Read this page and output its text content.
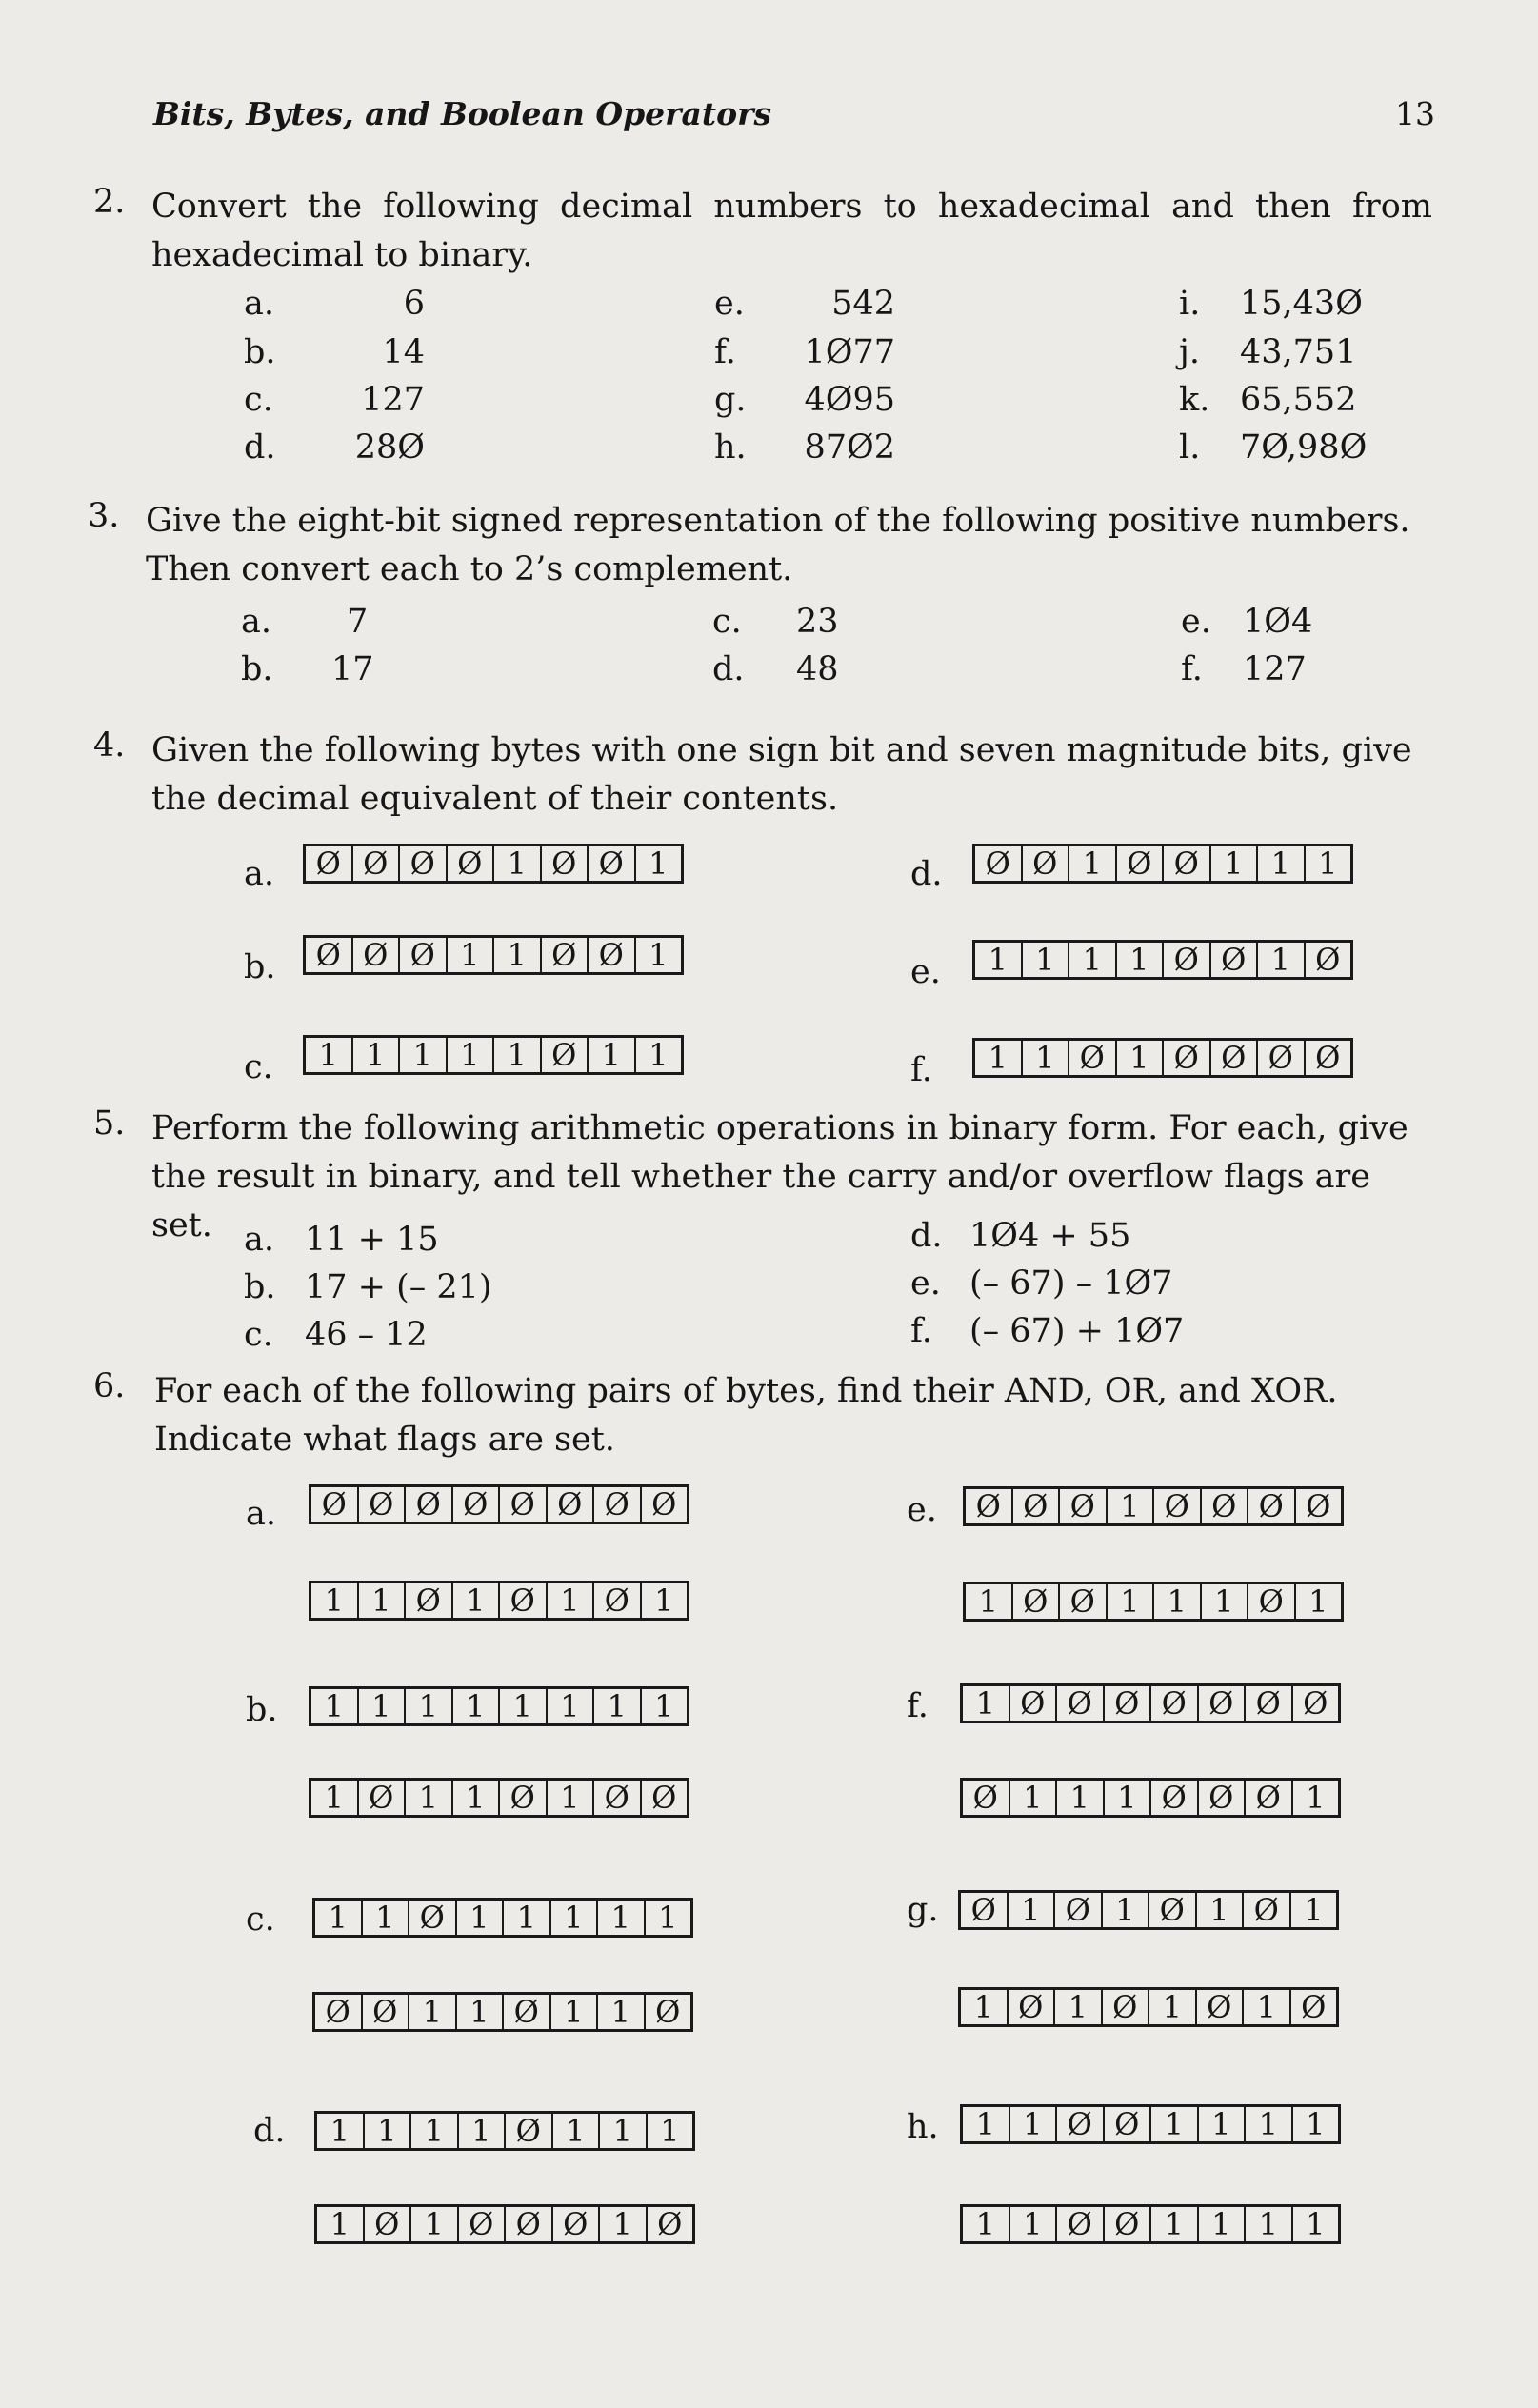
Bits, Bytes, and Boolean Operators	13
2. Convert the following decimal numbers to hexadecimal and then from hexadecimal to binary.
a.	6
b.	14
c.	127
d.	28Ø
e.	542
f.	1Ø77
g.	4Ø95
h.	87Ø2
i. 15,43Ø
j. 43,751
k. 65,552
l. 7Ø,98Ø
3. Give the eight-bit signed representation of the following positive numbers. Then convert each to 2’s complement.
a. 7
b. 17
c. 23
d. 48
e. 1Ø4
f. 127
4. Given the following bytes with one sign bit and seven magnitude bits, give the decimal equivalent of their contents.
a.	Ø Ø Ø Ø 1 Ø Ø 1
b.	Ø Ø Ø 1 1 Ø Ø 1
c.	1 1 1 1 1 Ø 1 1
d.	Ø Ø 1 Ø Ø 1 1 1
e.	1 1 1 1 Ø Ø 1 Ø
f.	1 1 Ø 1 Ø Ø Ø Ø
5. Perform the following arithmetic operations in binary form. For each, give the result in binary, and tell whether the carry and/or overflow flags are set. a. 11 + 15
b. 17 + (– 21)
c. 46 – 12
d. 1Ø4 + 55
e. (– 67) – 1Ø7
f. (– 67) + 1Ø7
6. For each of the following pairs of bytes, find their AND, OR, and XOR. Indicate what flags are set.
a.	Ø Ø Ø Ø Ø Ø Ø Ø
1 1 Ø 1 Ø 1 Ø 1
b.	1 1 1 1 1 1 1 1
1 Ø 1 1 Ø 1 Ø Ø
c.	1 1 Ø 1 1 1 1 1
Ø Ø 1 1 Ø 1 1 Ø
d.	1 1 1 1 Ø 1 1 1
1 Ø 1 Ø Ø Ø 1 Ø
e.	Ø Ø Ø 1 Ø Ø Ø Ø
1 Ø Ø 1 1 1 Ø 1
f.	1 Ø Ø Ø Ø Ø Ø Ø
Ø 1 1 1 Ø Ø Ø 1
g.	Ø 1 Ø 1 Ø 1 Ø 1
1 Ø 1 Ø 1 Ø 1 Ø
h.	1 1 Ø Ø 1 1 1 1
1 1 Ø Ø 1 1 1 1
